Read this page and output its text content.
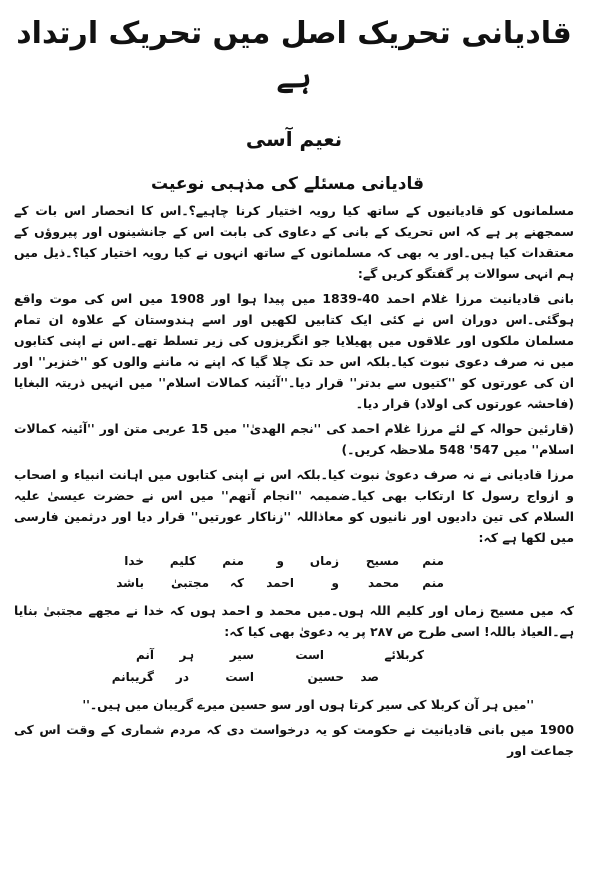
قادیانی تحریک اصل میں تحریک ارتداد ہے
نعیم آسی
قادیانی مسئلے کی مذہبی نوعیت

مسلمانوں کو قادیانیوں کے ساتھ کیا رویہ اختیار کرنا چاہیے؟۔اس کا انحصار اس بات کے سمجھنے پر ہے کہ اس تحریک کے بانی کے دعاوی کی بابت اس کے جانشینوں اور پیروؤں کے معتقدات کیا ہیں۔اور یہ بھی کہ مسلمانوں کے ساتھ انہوں نے کیا رویہ اختیار کیا؟۔ذیل میں ہم انہی سوالات پر گفتگو کریں گے:

بانی قادیانیت مرزا غلام احمد 40-1839 میں پیدا ہوا اور 1908 میں اس کی موت واقع ہوگئی۔اس دوران اس نے کئی ایک کتابیں لکھیں اور اسے ہندوستان کے علاوہ ان تمام مسلمان ملکوں اور علاقوں میں پھیلایا جو انگریزوں کی زیر تسلط تھے۔اس نے اپنی کتابوں میں نہ صرف دعوی نبوت کیا۔بلکہ اس حد تک چلا گیا کہ اپنے نہ ماننے والوں کو ''خنزیر'' اور ان کی عورتوں کو ''کتیوں سے بدتر'' قرار دیا۔''آئینہ کمالات اسلام'' میں انہیں ذریتہ البغایا (فاحشہ عورتوں کی اولاد) قرار دیا۔

(قارئین حوالہ کے لئے مرزا غلام احمد کی ''نجم الھدیٰ'' میں 15 عربی متن اور ''آئینہ کمالات اسلام'' میں 547' 548 ملاحظہ کریں۔)

مرزا قادیانی نے نہ صرف دعویٰ نبوت کیا۔بلکہ اس نے اپنی کتابوں میں اہانت انبیاء و اصحاب و ازواج رسول کا ارتکاب بھی کیا۔ضمیمہ ''انجام آتھم'' میں اس نے حضرت عیسیٰ علیہ السلام کی تین دادیوں اور نانیوں کو معاذاللہ ''زناکار عورتیں'' قرار دیا اور درثمین فارسی میں لکھا ہے کہ:

منم
مسیح
زماں
و
منم
کلیم
خدا
منم
محمد
و
احمد
کہ
مجتبیٰ
باشد

کہ میں مسیح زماں اور کلیم اللہ ہوں۔میں محمد و احمد ہوں کہ خدا نے مجھے مجتبیٰ بنایا ہے۔العیاذ باللہ! اسی طرح ص ۲۸۷ پر یہ دعویٰ بھی کیا کہ:

کربلائے
است
سیر
ہر
آنم
صد
حسین
است
در
گریبانم

''میں ہر آن کربلا کی سیر کرتا ہوں اور سو حسین میرے گریبان میں ہیں۔''

1900 میں بانی قادیانیت نے حکومت کو یہ درخواست دی کہ مردم شماری کے وقت اس کی جماعت اور
